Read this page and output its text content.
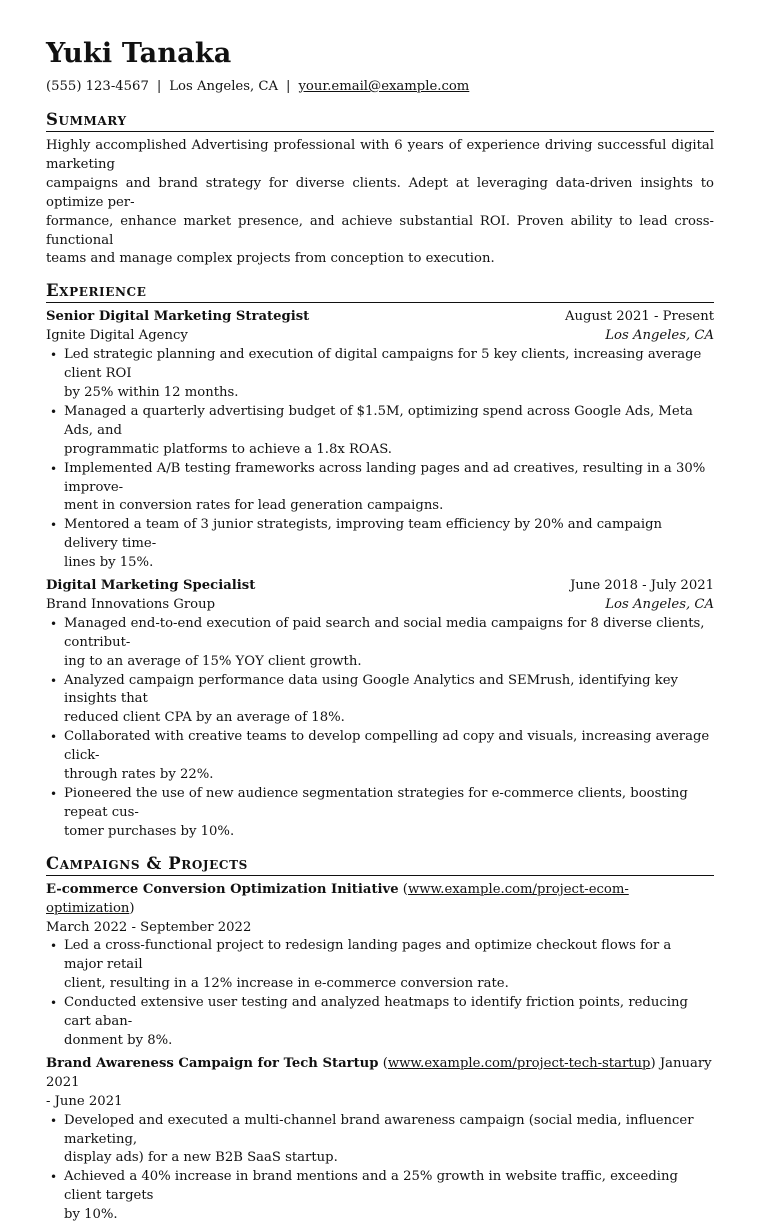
Yuki Tanaka
(555) 123-4567 | Los Angeles, CA | your.email@example.com
Summary
Highly accomplished Advertising professional with 6 years of experience driving successful digital marketing
campaigns and brand strategy for diverse clients. Adept at leveraging data-driven insights to optimize per-
formance, enhance market presence, and achieve substantial ROI. Proven ability to lead cross-functional
teams and manage complex projects from conception to execution.
Experience
Senior Digital Marketing Strategist	August 2021 - Present
Ignite Digital Agency	Los Angeles, CA
• Led strategic planning and execution of digital campaigns for 5 key clients, increasing average client ROI
by 25% within 12 months.
• Managed a quarterly advertising budget of $1.5M, optimizing spend across Google Ads, Meta Ads, and
programmatic platforms to achieve a 1.8x ROAS.
• Implemented A/B testing frameworks across landing pages and ad creatives, resulting in a 30% improve-
ment in conversion rates for lead generation campaigns.
• Mentored a team of 3 junior strategists, improving team efficiency by 20% and campaign delivery time-
lines by 15%.
Digital Marketing Specialist	June 2018 - July 2021
Brand Innovations Group	Los Angeles, CA
• Managed end-to-end execution of paid search and social media campaigns for 8 diverse clients, contribut-
ing to an average of 15% YOY client growth.
• Analyzed campaign performance data using Google Analytics and SEMrush, identifying key insights that
reduced client CPA by an average of 18%.
• Collaborated with creative teams to develop compelling ad copy and visuals, increasing average click-
through rates by 22%.
• Pioneered the use of new audience segmentation strategies for e-commerce clients, boosting repeat cus-
tomer purchases by 10%.
Campaigns & Projects
E-commerce Conversion Optimization Initiative (www.example.com/project-ecom-optimization)
March 2022 - September 2022
• Led a cross-functional project to redesign landing pages and optimize checkout flows for a major retail
client, resulting in a 12% increase in e-commerce conversion rate.
• Conducted extensive user testing and analyzed heatmaps to identify friction points, reducing cart aban-
donment by 8%.
Brand Awareness Campaign for Tech Startup (www.example.com/project-tech-startup) January 2021
- June 2021
• Developed and executed a multi-channel brand awareness campaign (social media, influencer marketing,
display ads) for a new B2B SaaS startup.
• Achieved a 40% increase in brand mentions and a 25% growth in website traffic, exceeding client targets
by 10%.
